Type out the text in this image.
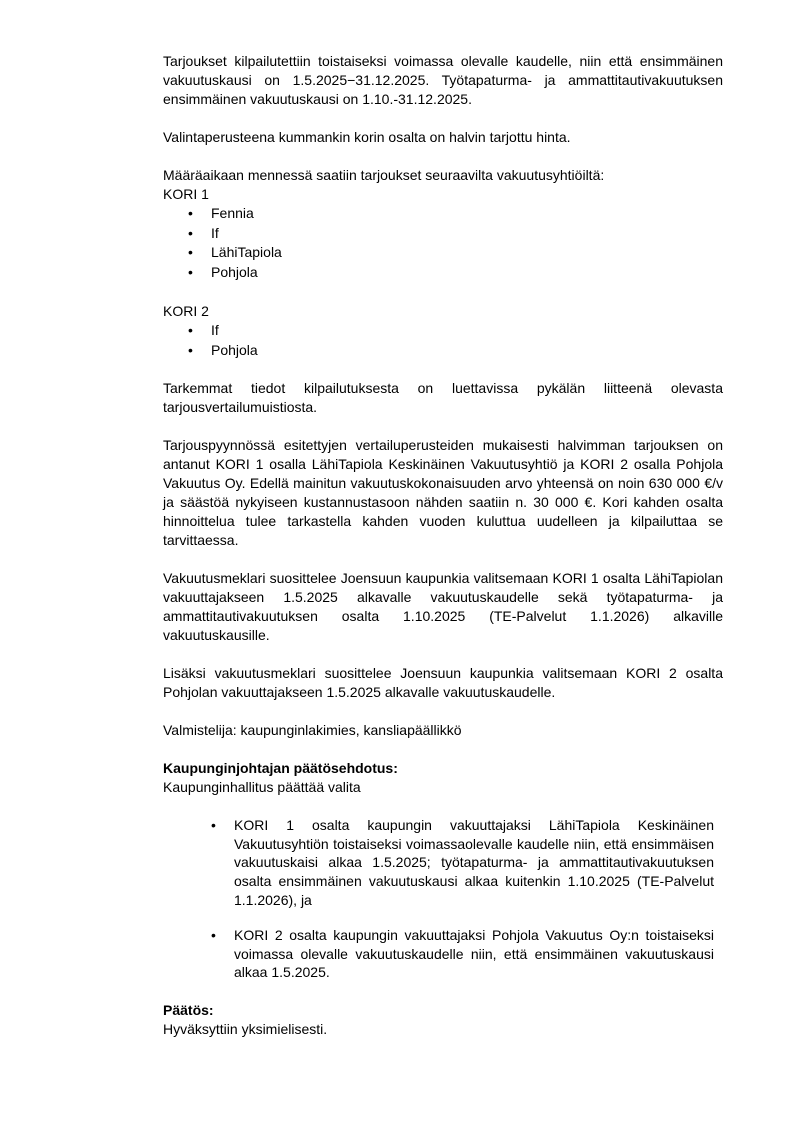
Tarjoukset kilpailutettiin toistaiseksi voimassa olevalle kaudelle, niin että ensimmäinen vakuutuskausi on 1.5.2025−31.12.2025. Työtapaturma- ja ammattitautivakuutuksen ensimmäinen vakuutuskausi on 1.10.-31.12.2025.

Valintaperusteena kummankin korin osalta on halvin tarjottu hinta.

Määräaikaan mennessä saatiin tarjoukset seuraavilta vakuutusyhtiöiltä:

KORI 1

• Fennia
• If
• LähiTapiola
• Pohjola

KORI 2

• If
• Pohjola

Tarkemmat tiedot kilpailutuksesta on luettavissa pykälän liitteenä olevasta tarjousvertailumuistiosta.

Tarjouspyynnössä esitettyjen vertailuperusteiden mukaisesti halvimman tarjouksen on antanut KORI 1 osalla LähiTapiola Keskinäinen Vakuutusyhtiö ja KORI 2 osalla Pohjola Vakuutus Oy. Edellä mainitun vakuutuskokonaisuuden arvo yhteensä on noin 630 000 €/v ja säästöä nykyiseen kustannustasoon nähden saatiin n. 30 000 €. Kori kahden osalta hinnoittelua tulee tarkastella kahden vuoden kuluttua uudelleen ja kilpailuttaa se tarvittaessa.

Vakuutusmeklari suosittelee Joensuun kaupunkia valitsemaan KORI 1 osalta LähiTapiolan vakuuttajakseen 1.5.2025 alkavalle vakuutuskaudelle sekä työtapaturma- ja ammattitautivakuutuksen osalta 1.10.2025 (TE-Palvelut 1.1.2026) alkaville vakuutuskausille.

Lisäksi vakuutusmeklari suosittelee Joensuun kaupunkia valitsemaan KORI 2 osalta Pohjolan vakuuttajakseen 1.5.2025 alkavalle vakuutuskaudelle.

Valmistelija: kaupunginlakimies, kansliapäällikkö

Kaupunginjohtajan päätösehdotus:

Kaupunginhallitus päättää valita

• KORI 1 osalta kaupungin vakuuttajaksi LähiTapiola Keskinäinen Vakuutusyhtiön toistaiseksi voimassaolevalle kaudelle niin, että ensimmäisen vakuutuskaisi alkaa 1.5.2025; työtapaturma- ja ammattitautivakuutuksen osalta ensimmäinen vakuutuskausi alkaa kuitenkin 1.10.2025 (TE-Palvelut 1.1.2026), ja
• KORI 2 osalta kaupungin vakuuttajaksi Pohjola Vakuutus Oy:n toistaiseksi voimassa olevalle vakuutuskaudelle niin, että ensimmäinen vakuutuskausi alkaa 1.5.2025.

Päätös:

Hyväksyttiin yksimielisesti.
